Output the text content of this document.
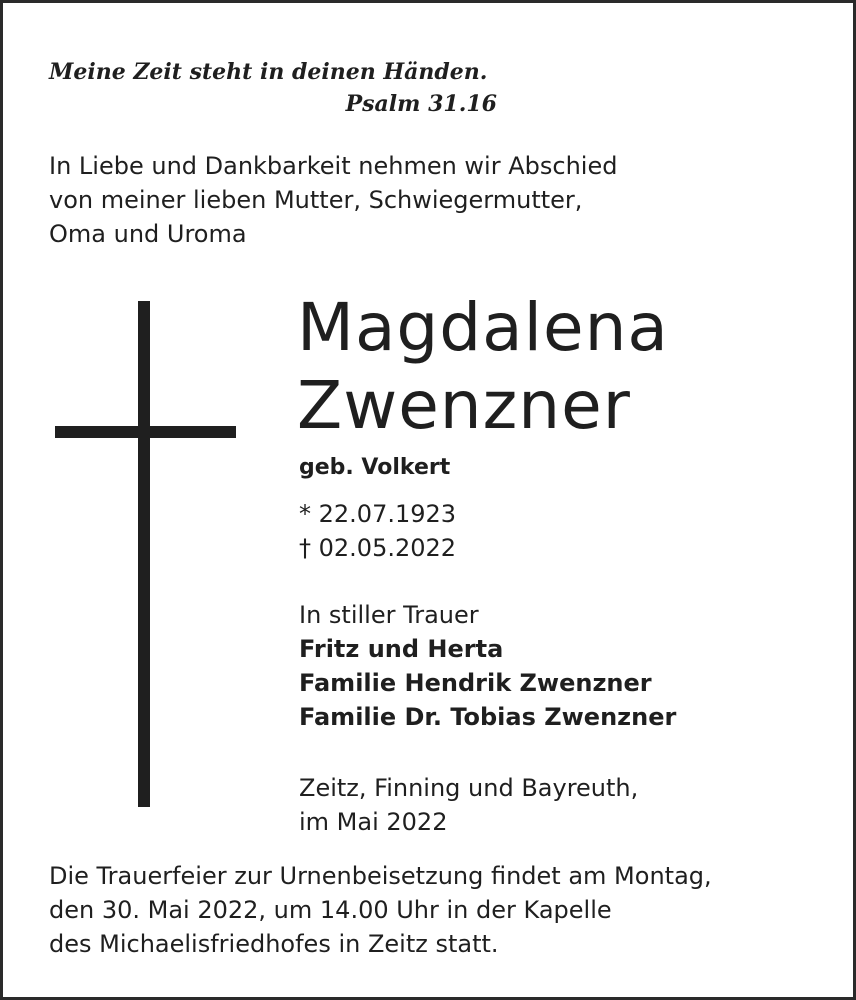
Meine Zeit steht in deinen Händen.

Psalm 31.16

In Liebe und Dankbarkeit nehmen wir Abschied
von meiner lieben Mutter, Schwiegermutter,
Oma und Uroma
Magdalena
Zwenzner

geb. Volkert

* 22.07.1923
† 02.05.2022
In stiller Trauer
Fritz und Herta
Familie Hendrik Zwenzner
Familie Dr. Tobias Zwenzner
Zeitz, Finning und Bayreuth,
im Mai 2022
Die Trauerfeier zur Urnenbeisetzung findet am Montag,
den 30. Mai 2022, um 14.00 Uhr in der Kapelle
des Michaelisfriedhofes in Zeitz statt.
